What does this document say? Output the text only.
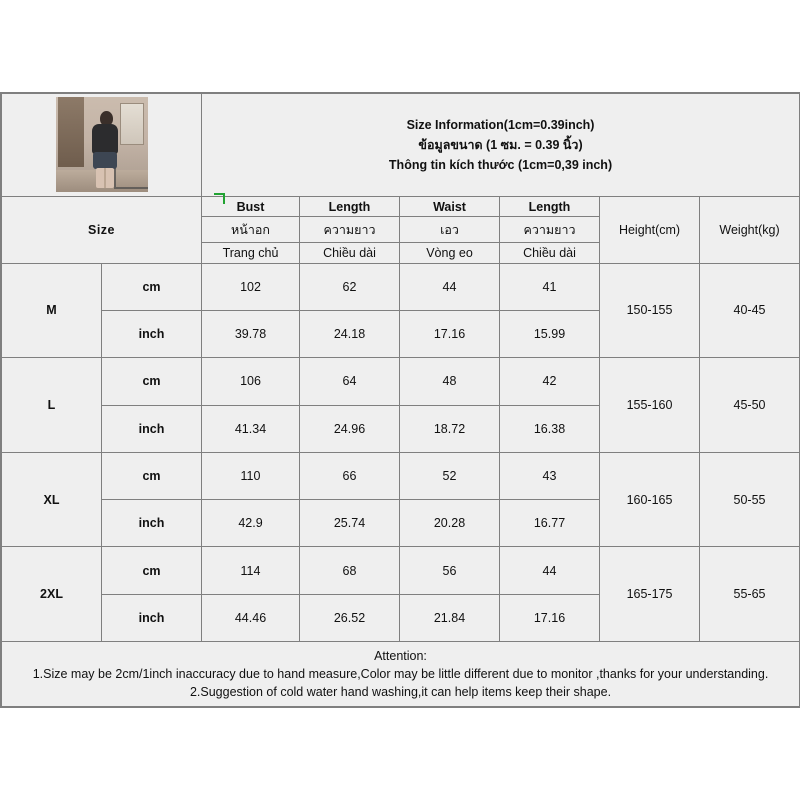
		Size Information(1cm=0.39inch)
ข้อมูลขนาด (1 ซม. = 0.39 นิ้ว)
Thông tin kích thước (1cm=0,39 inch)					

Size		Bust	Length	Waist	Length	Height(cm)	Weight(kg)
		หน้าอก	ความยาว	เอว	ความยาว		
		Trang chủ	Chiều dài	Vòng eo	Chiều dài		
M	cm	102	62	44	41	150-155	40-45
	inch	39.78	24.18	17.16	15.99		
L	cm	106	64	48	42	155-160	45-50
	inch	41.34	24.96	18.72	16.38		
XL	cm	110	66	52	43	160-165	50-55
	inch	42.9	25.74	20.28	16.77		
2XL	cm	114	68	56	44	165-175	55-65
	inch	44.46	26.52	21.84	17.16		

Attention:
1.Size may be 2cm/1inch inaccuracy due to hand measure,Color may be little different due to monitor ,thanks for your understanding.
2.Suggestion of cold water hand washing,it can help items keep their shape.							
